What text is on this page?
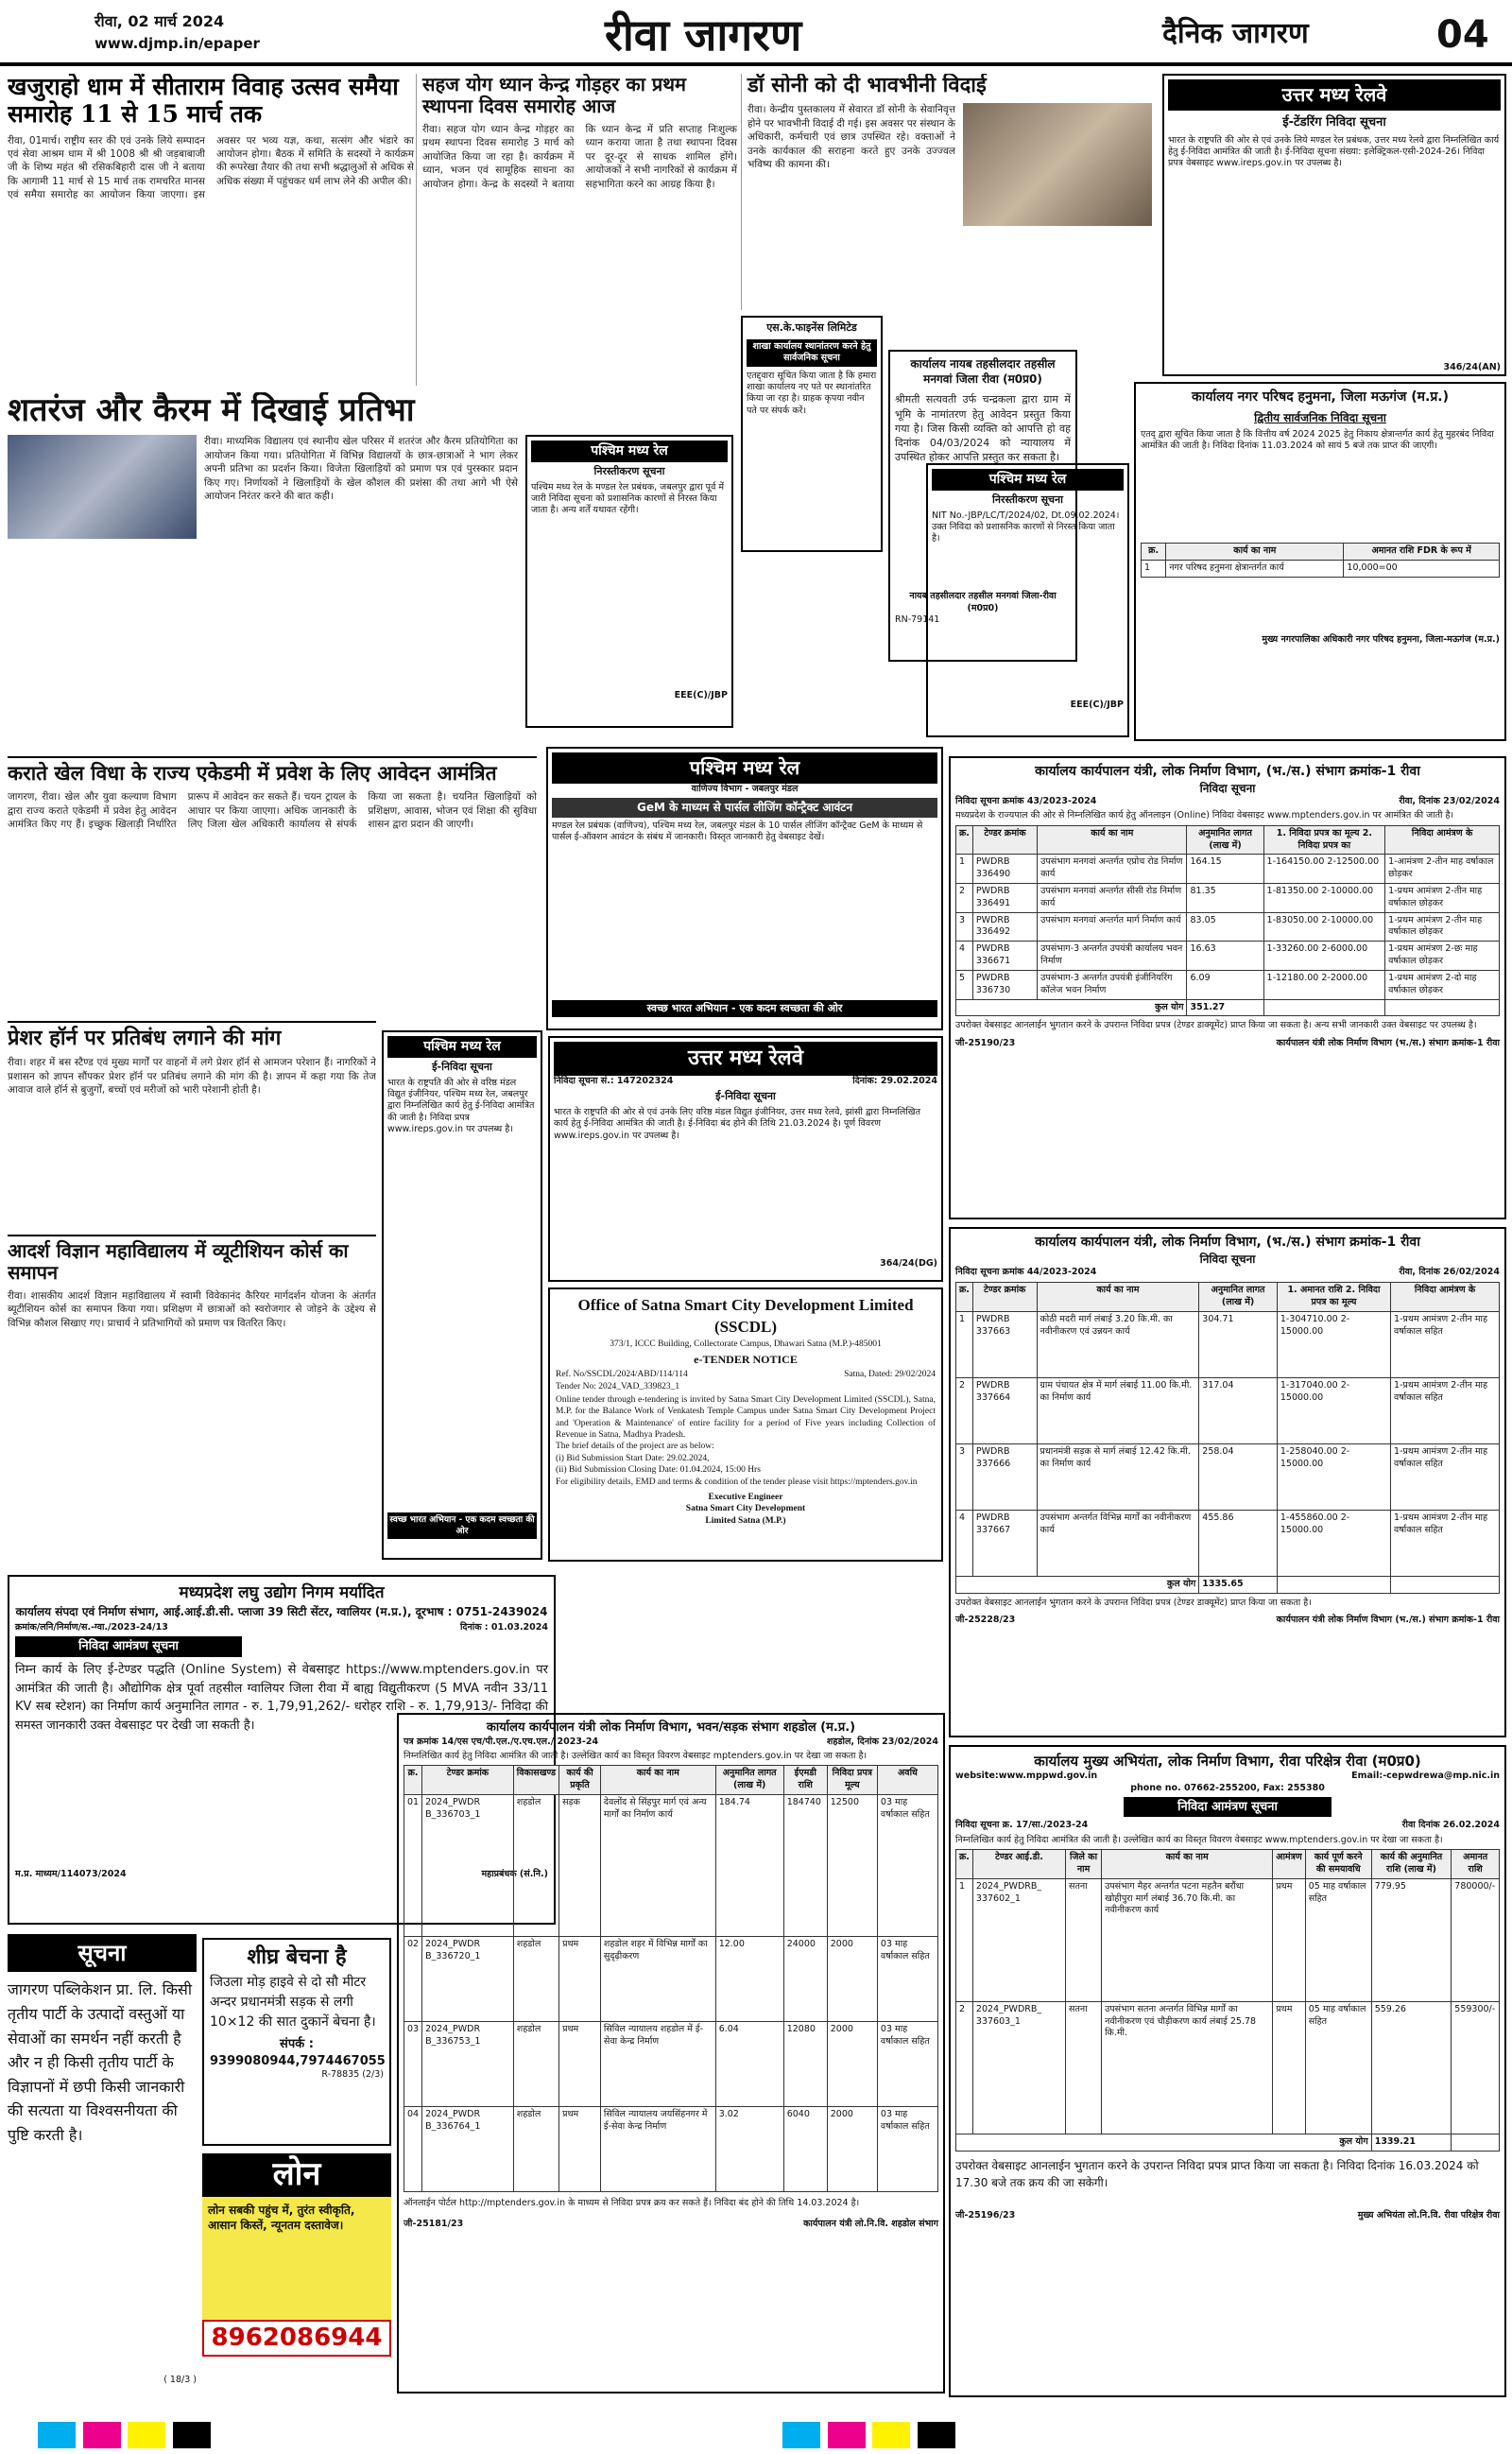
रीवा, 02 मार्च 2024
www.djmp.in/epaper	रीवा जागरण	दैनिक जागरण	04
खजुराहो धाम में सीताराम विवाह उत्सव समैया समारोह 11 से 15 मार्च तक
रीवा, 01मार्च। राष्ट्रीय स्तर की एवं उनके लिये सम्पादन एवं सेवा आश्रम धाम में श्री 1008 श्री श्री जड़बाबाजी जी के शिष्य महंत श्री रसिकबिहारी दास जी ने बताया कि आगामी 11 मार्च से 15 मार्च तक रामचरित मानस एवं समैया समारोह का आयोजन किया जाएगा। इस अवसर पर भव्य यज्ञ, कथा, सत्संग और भंडारे का आयोजन होगा। बैठक में समिति के सदस्यों ने कार्यक्रम की रूपरेखा तैयार की तथा सभी श्रद्धालुओं से अधिक से अधिक संख्या में पहुंचकर धर्म लाभ लेने की अपील की।
सहज योग ध्यान केन्द्र गोड़हर का प्रथम स्थापना दिवस समारोह आज
रीवा। सहज योग ध्यान केन्द्र गोड़हर का प्रथम स्थापना दिवस समारोह 3 मार्च को आयोजित किया जा रहा है। कार्यक्रम में ध्यान, भजन एवं सामूहिक साधना का आयोजन होगा। केन्द्र के सदस्यों ने बताया कि ध्यान केन्द्र में प्रति सप्ताह निःशुल्क ध्यान कराया जाता है तथा स्थापना दिवस पर दूर-दूर से साधक शामिल होंगे। आयोजकों ने सभी नागरिकों से कार्यक्रम में सहभागिता करने का आग्रह किया है।
डॉ सोनी को दी भावभीनी विदाई
रीवा। केन्द्रीय पुस्तकालय में सेवारत डॉ सोनी के सेवानिवृत्त होने पर भावभीनी विदाई दी गई। इस अवसर पर संस्थान के अधिकारी, कर्मचारी एवं छात्र उपस्थित रहे। वक्ताओं ने उनके कार्यकाल की सराहना करते हुए उनके उज्ज्वल भविष्य की कामना की।
एस.के.फाइनेंस लिमिटेड
शाखा कार्यालय स्थानांतरण करने हेतु सार्वजनिक सूचना
एतद्द्वारा सूचित किया जाता है कि हमारा शाखा कार्यालय नए पते पर स्थानांतरित किया जा रहा है। ग्राहक कृपया नवीन पते पर संपर्क करें।
कार्यालय नायब तहसीलदार तहसील मनगवां जिला रीवा (म0प्र0)
श्रीमती सत्यवती उर्फ चन्द्रकला द्वारा ग्राम में भूमि के नामांतरण हेतु आवेदन प्रस्तुत किया गया है। जिस किसी व्यक्ति को आपत्ति हो वह दिनांक 04/03/2024 को न्यायालय में उपस्थित होकर आपत्ति प्रस्तुत कर सकता है।
नायब तहसीलदार तहसील मनगवां जिला-रीवा (म0प्र0)
RN-79141
उत्तर मध्य रेलवे
ई-टेंडरिंग निविदा सूचना
भारत के राष्ट्रपति की ओर से एवं उनके लिये मण्डल रेल प्रबंधक, उत्तर मध्य रेलवे द्वारा निम्नलिखित कार्य हेतु ई-निविदा आमंत्रित की जाती है। ई-निविदा सूचना संख्या: इलेक्ट्रिकल-एसी-2024-26। निविदा प्रपत्र वेबसाइट www.ireps.gov.in पर उपलब्ध है।
346/24(AN)
कार्यालय नगर परिषद हनुमना, जिला मऊगंज (म.प्र.)
द्वितीय सार्वजनिक निविदा सूचना
एतद् द्वारा सूचित किया जाता है कि वित्तीय वर्ष 2024 2025 हेतु निकाय क्षेत्रान्तर्गत कार्य हेतु मुहरबंद निविदा आमंत्रित की जाती है। निविदा दिनांक 11.03.2024 को सायं 5 बजे तक प्राप्त की जाएगी।
क्र.	कार्य का नाम	अमानत राशि FDR के रूप में
1	नगर परिषद हनुमना क्षेत्रान्तर्गत कार्य	10,000=00
मुख्य नगरपालिका अधिकारी नगर परिषद हनुमना, जिला-मऊगंज (म.प्र.)
शतरंज और कैरम में दिखाई प्रतिभा
रीवा। माध्यमिक विद्यालय एवं स्थानीय खेल परिसर में शतरंज और कैरम प्रतियोगिता का आयोजन किया गया। प्रतियोगिता में विभिन्न विद्यालयों के छात्र-छात्राओं ने भाग लेकर अपनी प्रतिभा का प्रदर्शन किया। विजेता खिलाड़ियों को प्रमाण पत्र एवं पुरस्कार प्रदान किए गए। निर्णायकों ने खिलाड़ियों के खेल कौशल की प्रशंसा की तथा आगे भी ऐसे आयोजन निरंतर करने की बात कही।
पश्चिम मध्य रेल
निरस्तीकरण सूचना
पश्चिम मध्य रेल के मण्डल रेल प्रबंधक, जबलपुर द्वारा पूर्व में जारी निविदा सूचना को प्रशासनिक कारणों से निरस्त किया जाता है। अन्य शर्तें यथावत रहेंगी।
EEE(C)/JBP
पश्चिम मध्य रेल
निरस्तीकरण सूचना
NIT No.-JBP/LC/T/2024/02, Dt.09.02.2024। उक्त निविदा को प्रशासनिक कारणों से निरस्त किया जाता है।
EEE(C)/JBP
कराते खेल विधा के राज्य एकेडमी में प्रवेश के लिए आवेदन आमंत्रित
जागरण, रीवा। खेल और युवा कल्याण विभाग द्वारा राज्य कराते एकेडमी में प्रवेश हेतु आवेदन आमंत्रित किए गए हैं। इच्छुक खिलाड़ी निर्धारित प्रारूप में आवेदन कर सकते हैं। चयन ट्रायल के आधार पर किया जाएगा। अधिक जानकारी के लिए जिला खेल अधिकारी कार्यालय से संपर्क किया जा सकता है। चयनित खिलाड़ियों को प्रशिक्षण, आवास, भोजन एवं शिक्षा की सुविधा शासन द्वारा प्रदान की जाएगी।
पश्चिम मध्य रेल
वाणिज्य विभाग - जबलपुर मंडल
GeM के माध्यम से पार्सल लीजिंग कॉन्ट्रैक्ट आवंटन
मण्डल रेल प्रबंधक (वाणिज्य), पश्चिम मध्य रेल, जबलपुर मंडल के 10 पार्सल लीजिंग कॉन्ट्रैक्ट GeM के माध्यम से पार्सल ई-ऑक्शन आवंटन के संबंध में जानकारी। विस्तृत जानकारी हेतु वेबसाइट देखें।
स्वच्छ भारत अभियान - एक कदम स्वच्छता की ओर
कार्यालय कार्यपालन यंत्री, लोक निर्माण विभाग, (भ./स.) संभाग क्रमांक-1 रीवा
निविदा सूचना
निविदा सूचना क्रमांक 43/2023-2024	रीवा, दिनांक 23/02/2024
मध्यप्रदेश के राज्यपाल की ओर से निम्नलिखित कार्य हेतु ऑनलाइन (Online) निविदा वेबसाइट www.mptenders.gov.in पर आमंत्रित की जाती है।
क्र.	टेण्डर क्रमांक	कार्य का नाम	अनुमानित लागत (लाख में)	1. निविदा प्रपत्र का मूल्य 2. निविदा प्रपत्र का	निविदा आमंत्रण के
1	PWDRB 336490	उपसंभाग मनगवां अन्तर्गत एप्रोच रोड निर्माण कार्य	164.15	1-164150.00 2-12500.00	1-आमंत्रण 2-तीन माह वर्षाकाल छोड़कर
2	PWDRB 336491	उपसंभाग मनगवां अन्तर्गत सीसी रोड निर्माण कार्य	81.35	1-81350.00 2-10000.00	1-प्रथम आमंत्रण 2-तीन माह वर्षाकाल छोड़कर
3	PWDRB 336492	उपसंभाग मनगवां अन्तर्गत मार्ग निर्माण कार्य	83.05	1-83050.00 2-10000.00	1-प्रथम आमंत्रण 2-तीन माह वर्षाकाल छोड़कर
4	PWDRB 336671	उपसंभाग-3 अन्तर्गत उपयंत्री कार्यालय भवन निर्माण	16.63	1-33260.00 2-6000.00	1-प्रथम आमंत्रण 2-छः माह वर्षाकाल छोड़कर
5	PWDRB 336730	उपसंभाग-3 अन्तर्गत उपयंत्री इंजीनियरिंग कॉलेज भवन निर्माण	6.09	1-12180.00 2-2000.00	1-प्रथम आमंत्रण 2-दो माह वर्षाकाल छोड़कर
कुल योग			351.27		
उपरोक्त वेबसाइट आनलाईन भुगतान करने के उपरान्त निविदा प्रपत्र (टेण्डर डाक्यूमेंट) प्राप्त किया जा सकता है। अन्य सभी जानकारी उक्त वेबसाइट पर उपलब्ध है।
जी-25190/23	कार्यपालन यंत्री लोक निर्माण विभाग (भ./स.) संभाग क्रमांक-1 रीवा
प्रेशर हॉर्न पर प्रतिबंध लगाने की मांग
रीवा। शहर में बस स्टैण्ड एवं मुख्य मार्गों पर वाहनों में लगे प्रेशर हॉर्न से आमजन परेशान हैं। नागरिकों ने प्रशासन को ज्ञापन सौंपकर प्रेशर हॉर्न पर प्रतिबंध लगाने की मांग की है। ज्ञापन में कहा गया कि तेज आवाज वाले हॉर्न से बुजुर्गों, बच्चों एवं मरीजों को भारी परेशानी होती है।
पश्चिम मध्य रेल
ई-निविदा सूचना
भारत के राष्ट्रपति की ओर से वरिष्ठ मंडल विद्युत इंजीनियर, पश्चिम मध्य रेल, जबलपुर द्वारा निम्नलिखित कार्य हेतु ई-निविदा आमंत्रित की जाती है। निविदा प्रपत्र www.ireps.gov.in पर उपलब्ध है।
स्वच्छ भारत अभियान - एक कदम स्वच्छता की ओर
उत्तर मध्य रेलवे
निविदा सूचना सं.: 147202324	दिनांक: 29.02.2024
ई-निविदा सूचना
भारत के राष्ट्रपति की ओर से एवं उनके लिए वरिष्ठ मंडल विद्युत इंजीनियर, उत्तर मध्य रेलवे, झांसी द्वारा निम्नलिखित कार्य हेतु ई-निविदा आमंत्रित की जाती है। ई-निविदा बंद होने की तिथि 21.03.2024 है। पूर्ण विवरण www.ireps.gov.in पर उपलब्ध है।
364/24(DG)
Office of Satna Smart City Development Limited (SSCDL)
373/1, ICCC Building, Collectorate Campus, Dhawari Satna (M.P.)-485001
e-TENDER NOTICE
Ref. No/SSCDL/2024/ABD/114/114	Satna, Dated: 29/02/2024
Tender No: 2024_VAD_339823_1
Online tender through e-tendering is invited by Satna Smart City Development Limited (SSCDL), Satna, M.P. for the Balance Work of Venkatesh Temple Campus under Satna Smart City Development Project and 'Operation & Maintenance' of entire facility for a period of Five years including Collection of Revenue in Satna, Madhya Pradesh.
The brief details of the project are as below:
(i) Bid Submission Start Date: 29.02.2024,
(ii) Bid Submission Closing Date: 01.04.2024, 15:00 Hrs
For eligibility details, EMD and terms & condition of the tender please visit https://mptenders.gov.in
Executive Engineer
Satna Smart City Development
Limited Satna (M.P.)
आदर्श विज्ञान महाविद्यालय में व्यूटीशियन कोर्स का समापन
रीवा। शासकीय आदर्श विज्ञान महाविद्यालय में स्वामी विवेकानंद कैरियर मार्गदर्शन योजना के अंतर्गत ब्यूटीशियन कोर्स का समापन किया गया। प्रशिक्षण में छात्राओं को स्वरोजगार से जोड़ने के उद्देश्य से विभिन्न कौशल सिखाए गए। प्राचार्य ने प्रतिभागियों को प्रमाण पत्र वितरित किए।
कार्यालय कार्यपालन यंत्री, लोक निर्माण विभाग, (भ./स.) संभाग क्रमांक-1 रीवा
निविदा सूचना
निविदा सूचना क्रमांक 44/2023-2024	रीवा, दिनांक 26/02/2024
क्र.	टेण्डर क्रमांक	कार्य का नाम	अनुमानित लागत (लाख में)	1. अमानत राशि 2. निविदा प्रपत्र का मूल्य	निविदा आमंत्रण के
1	PWDRB 337663	कोठी मदरी मार्ग लंबाई 3.20 कि.मी. का नवीनीकरण एवं उन्नयन कार्य	304.71	1-304710.00 2-15000.00	1-प्रथम आमंत्रण 2-तीन माह वर्षाकाल सहित
2	PWDRB 337664	ग्राम पंचायत क्षेत्र में मार्ग लंबाई 11.00 कि.मी. का निर्माण कार्य	317.04	1-317040.00 2-15000.00	1-प्रथम आमंत्रण 2-तीन माह वर्षाकाल सहित
3	PWDRB 337666	प्रधानमंत्री सड़क से मार्ग लंबाई 12.42 कि.मी. का निर्माण कार्य	258.04	1-258040.00 2-15000.00	1-प्रथम आमंत्रण 2-तीन माह वर्षाकाल सहित
4	PWDRB 337667	उपसंभाग अन्तर्गत विभिन्न मार्गों का नवीनीकरण कार्य	455.86	1-455860.00 2-15000.00	1-प्रथम आमंत्रण 2-तीन माह वर्षाकाल सहित
कुल योग			1335.65		
उपरोक्त वेबसाइट आनलाईन भुगतान करने के उपरान्त निविदा प्रपत्र (टेण्डर डाक्यूमेंट) प्राप्त किया जा सकता है।
जी-25228/23	कार्यपालन यंत्री लोक निर्माण विभाग (भ./स.) संभाग क्रमांक-1 रीवा
मध्यप्रदेश लघु उद्योग निगम मर्यादित
कार्यालय संपदा एवं निर्माण संभाग, आई.आई.डी.सी. प्लाजा 39 सिटी सेंटर, ग्वालियर (म.प्र.), दूरभाष : 0751-2439024
क्रमांक/लनि/निर्माण/स.-ग्वा./2023-24/13	दिनांक : 01.03.2024
निविदा आमंत्रण सूचना
निम्न कार्य के लिए ई-टेण्डर पद्धति (Online System) से वेबसाइट https://www.mptenders.gov.in पर आमंत्रित की जाती है। औद्योगिक क्षेत्र पूर्वा तहसील ग्वालियर जिला रीवा में बाह्य विद्युतीकरण (5 MVA नवीन 33/11 KV सब स्टेशन) का निर्माण कार्य अनुमानित लागत - रु. 1,79,91,262/- धरोहर राशि - रु. 1,79,913/- निविदा की समस्त जानकारी उक्त वेबसाइट पर देखी जा सकती है।
म.प्र. माध्यम/114073/2024	महाप्रबंधक (सं.नि.)
सूचना
जागरण पब्लिकेशन प्रा. लि. किसी तृतीय पार्टी के उत्पादों वस्तुओं या सेवाओं का समर्थन नहीं करती है और न ही किसी तृतीय पार्टी के विज्ञापनों में छपी किसी जानकारी की सत्यता या विश्वसनीयता की पुष्टि करती है।
( 18/3 )
शीघ्र बेचना है
जिउला मोड़ हाइवे से दो सौ मीटर अन्दर प्रधानमंत्री सड़क से लगी 10×12 की सात दुकानें बेचना है।
संपर्क :
9399080944,7974467055
R-78835 (2/3)
लोन
लोन सबकी पहुंच में, तुरंत स्वीकृति, आसान किस्तें, न्यूनतम दस्तावेज।
8962086944
कार्यालय कार्यपालन यंत्री लोक निर्माण विभाग, भवन/सड़क संभाग शहडोल (म.प्र.)
पत्र क्रमांक 14/एस एच/पी.एल./ए.एच.एल./ 2023-24	शहडोल, दिनांक 23/02/2024
निम्नलिखित कार्य हेतु निविदा आमंत्रित की जाती है। उल्लेखित कार्य का विस्तृत विवरण वेबसाइट mptenders.gov.in पर देखा जा सकता है।
क्र.	टेण्डर क्रमांक	विकासखण्ड	कार्य की प्रकृति	कार्य का नाम	अनुमानित लागत (लाख में)	ईएमडी राशि	निविदा प्रपत्र मूल्य	अवधि
01	2024_PWDR B_336703_1	शहडोल	सड़क	देवलोंद से सिंहपुर मार्ग एवं अन्य मार्गों का निर्माण कार्य	184.74	184740	12500	03 माह वर्षाकाल सहित
02	2024_PWDR B_336720_1	शहडोल	प्रथम	शहडोल शहर में विभिन्न मार्गों का सुदृढ़ीकरण	12.00	24000	2000	03 माह वर्षाकाल सहित
03	2024_PWDR B_336753_1	शहडोल	प्रथम	सिविल न्यायालय शहडोल में ई-सेवा केन्द्र निर्माण	6.04	12080	2000	03 माह वर्षाकाल सहित
04	2024_PWDR B_336764_1	शहडोल	प्रथम	सिविल न्यायालय जयसिंहनगर में ई-सेवा केन्द्र निर्माण	3.02	6040	2000	03 माह वर्षाकाल सहित
ऑनलाईन पोर्टल http://mptenders.gov.in के माध्यम से निविदा प्रपत्र क्रय कर सकते हैं। निविदा बंद होने की तिथि 14.03.2024 है।
जी-25181/23	कार्यपालन यंत्री लो.नि.वि. शहडोल संभाग
कार्यालय मुख्य अभियंता, लोक निर्माण विभाग, रीवा परिक्षेत्र रीवा (म0प्र0)
website:www.mppwd.gov.in	Email:-cepwdrewa@mp.nic.in
phone no. 07662-255200, Fax: 255380
निविदा आमंत्रण सूचना
निविदा सूचना क्र. 17/सा./2023-24	रीवा दिनांक 26.02.2024
निम्नलिखित कार्य हेतु निविदा आमंत्रित की जाती है। उल्लेखित कार्य का विस्तृत विवरण वेबसाइट www.mptenders.gov.in पर देखा जा सकता है।
क्र.	टेण्डर आई.डी.	जिले का नाम	कार्य का नाम	आमंत्रण	कार्य पूर्ण करने की समयावधि	कार्य की अनुमानित राशि (लाख में)	अमानत राशि
1	2024_PWDRB_ 337602_1	सतना	उपसंभाग मैहर अन्तर्गत पटना महतैन बरौंधा खोहीपुरा मार्ग लंबाई 36.70 कि.मी. का नवीनीकरण कार्य	प्रथम	05 माह वर्षाकाल सहित	779.95	780000/-
2	2024_PWDRB_ 337603_1	सतना	उपसंभाग सतना अन्तर्गत विभिन्न मार्गों का नवीनीकरण एवं चौड़ीकरण कार्य लंबाई 25.78 कि.मी.	प्रथम	05 माह वर्षाकाल सहित	559.26	559300/-
कुल योग						1339.21	
उपरोक्त वेबसाइट आनलाईन भुगतान करने के उपरान्त निविदा प्रपत्र प्राप्त किया जा सकता है। निविदा दिनांक 16.03.2024 को 17.30 बजे तक क्रय की जा सकेगी।
जी-25196/23	मुख्य अभियंता लो.नि.वि. रीवा परिक्षेत्र रीवा
